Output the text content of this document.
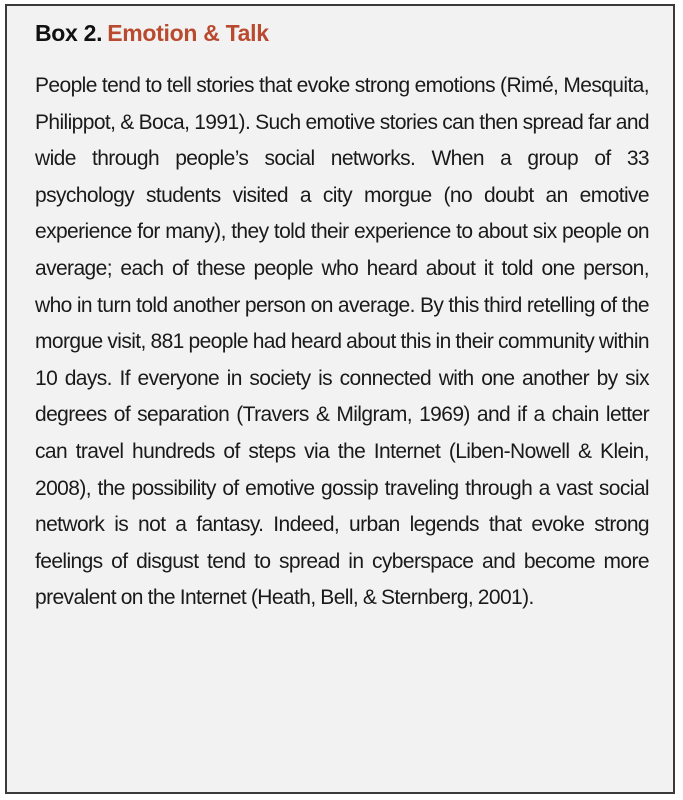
Box 2. Emotion & Talk

People tend to tell stories that evoke strong emotions (Rimé, Mesquita, Philippot, & Boca, 1991). Such emotive stories can then spread far and wide through people’s social networks. When a group of 33 psychology students visited a city morgue (no doubt an emotive experience for many), they told their experience to about six people on average; each of these people who heard about it told one person, who in turn told another person on average. By this third retelling of the morgue visit, 881 people had heard about this in their community within 10 days. If everyone in society is connected with one another by six degrees of separation (Travers & Milgram, 1969) and if a chain letter can travel hundreds of steps via the Internet (Liben-Nowell & Klein, 2008), the possibility of emotive gossip traveling through a vast social network is not a fantasy. Indeed, urban legends that evoke strong feelings of disgust tend to spread in cyberspace and become more prevalent on the Internet (Heath, Bell, & Sternberg, 2001).
